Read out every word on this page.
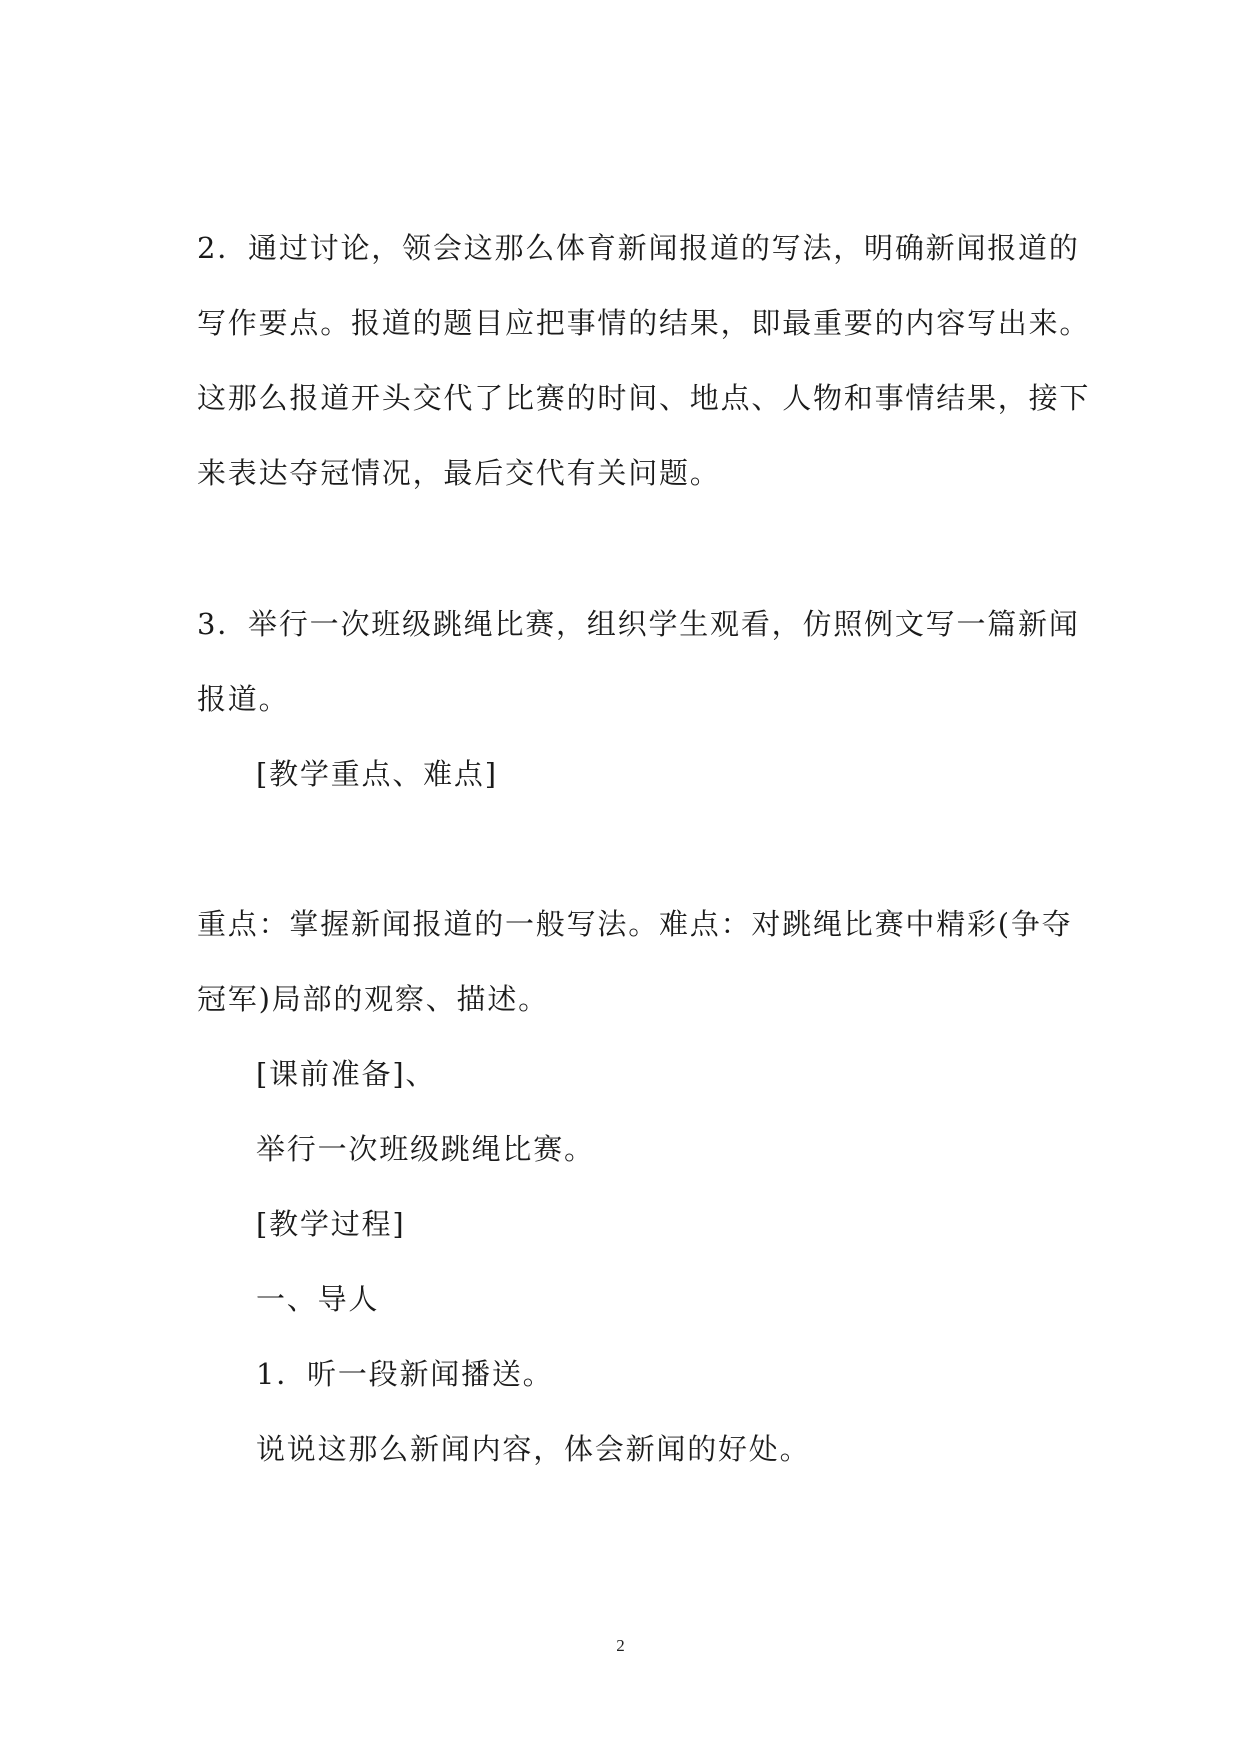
2．通过讨论，领会这那么体育新闻报道的写法，明确新闻报道的
写作要点。报道的题目应把事情的结果，即最重要的内容写出来。
这那么报道开头交代了比赛的时间、地点、人物和事情结果，接下
来表达夺冠情况，最后交代有关问题。
3．举行一次班级跳绳比赛，组织学生观看，仿照例文写一篇新闻
报道。
[教学重点、难点]
重点：掌握新闻报道的一般写法。难点：对跳绳比赛中精彩(争夺
冠军)局部的观察、描述。
[课前准备]、
举行一次班级跳绳比赛。
[教学过程]
一、导人
1．听一段新闻播送。
说说这那么新闻内容，体会新闻的好处。
2
